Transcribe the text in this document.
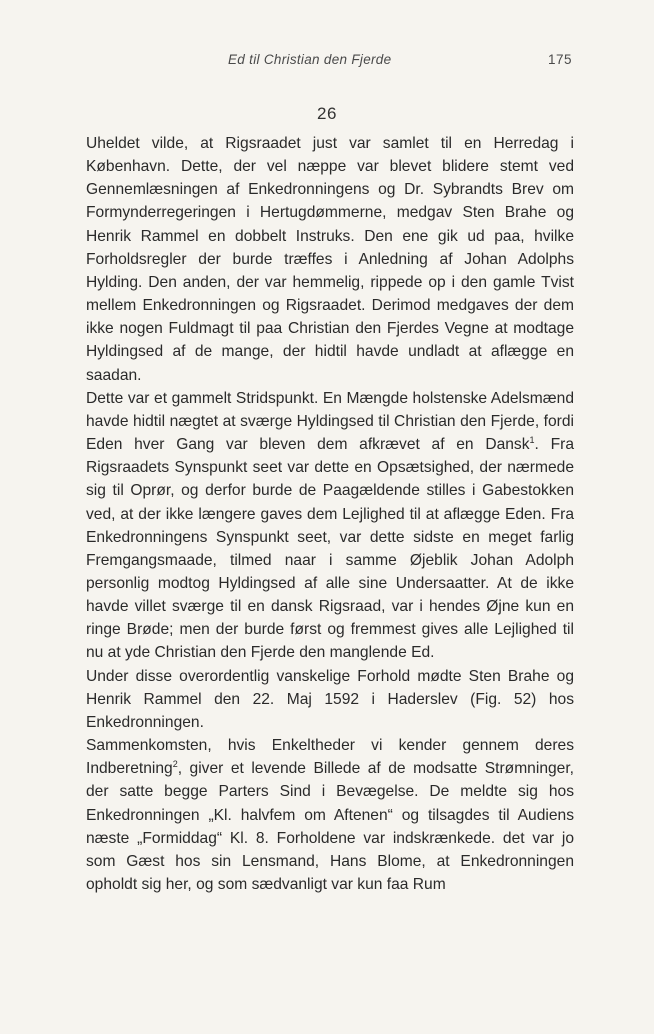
Ed til Christian den Fjerde	175
26

Uheldet vilde, at Rigsraadet just var samlet til en Herredag i København. Dette, der vel næppe var blevet blidere stemt ved Gennemlæsningen af Enkedronningens og Dr. Sybrandts Brev om Formynderregeringen i Hertugdømmerne, medgav Sten Brahe og Henrik Rammel en dobbelt Instruks. Den ene gik ud paa, hvilke Forholdsregler der burde træffes i Anledning af Johan Adolphs Hylding. Den anden, der var hemmelig, rippede op i den gamle Tvist mellem Enkedronningen og Rigsraadet. Derimod medgaves der dem ikke nogen Fuldmagt til paa Christian den Fjerdes Vegne at modtage Hyldingsed af de mange, der hidtil havde undladt at aflægge en saadan.

Dette var et gammelt Stridspunkt. En Mængde holstenske Adelsmænd havde hidtil nægtet at sværge Hyldingsed til Christian den Fjerde, fordi Eden hver Gang var bleven dem afkrævet af en Dansk$^1$. Fra Rigsraadets Synspunkt seet var dette en Opsætsighed, der nærmede sig til Oprør, og derfor burde de Paagældende stilles i Gabestokken ved, at der ikke længere gaves dem Lejlighed til at aflægge Eden. Fra Enkedronningens Synspunkt seet, var dette sidste en meget farlig Fremgangsmaade, tilmed naar i samme Øjeblik Johan Adolph personlig modtog Hyldingsed af alle sine Undersaatter. At de ikke havde villet sværge til en dansk Rigsraad, var i hendes Øjne kun en ringe Brøde; men der burde først og fremmest gives alle Lejlighed til nu at yde Christian den Fjerde den manglende Ed.

Under disse overordentlig vanskelige Forhold mødte Sten Brahe og Henrik Rammel den 22. Maj 1592 i Haderslev (Fig. 52) hos Enkedronningen.

Sammenkomsten, hvis Enkeltheder vi kender gennem deres Indberetning$^2$, giver et levende Billede af de modsatte Strømninger, der satte begge Parters Sind i Bevægelse. De meldte sig hos Enkedronningen „Kl. halvfem om Aftenen“ og tilsagdes til Audiens næste „Formiddag“ Kl. 8. Forholdene var indskrænkede. det var jo som Gæst hos sin Lensmand, Hans Blome, at Enkedronningen opholdt sig her, og som sædvanligt var kun faa Rum
